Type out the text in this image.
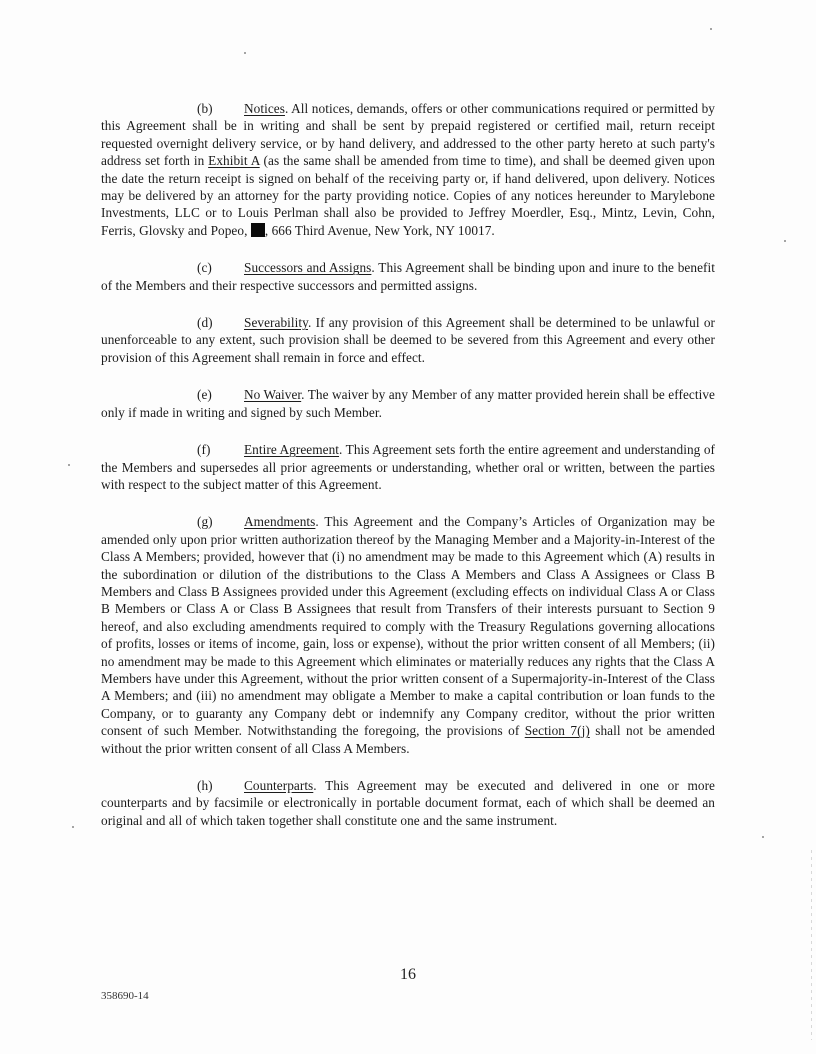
(b) Notices. All notices, demands, offers or other communications required or permitted by this Agreement shall be in writing and shall be sent by prepaid registered or certified mail, return receipt requested overnight delivery service, or by hand delivery, and addressed to the other party hereto at such party's address set forth in Exhibit A (as the same shall be amended from time to time), and shall be deemed given upon the date the return receipt is signed on behalf of the receiving party or, if hand delivered, upon delivery. Notices may be delivered by an attorney for the party providing notice. Copies of any notices hereunder to Marylebone Investments, LLC or to Louis Perlman shall also be provided to Jeffrey Moerdler, Esq., Mintz, Levin, Cohn, Ferris, Glovsky and Popeo, , 666 Third Avenue, New York, NY 10017.

(c) Successors and Assigns. This Agreement shall be binding upon and inure to the benefit of the Members and their respective successors and permitted assigns.

(d) Severability. If any provision of this Agreement shall be determined to be unlawful or unenforceable to any extent, such provision shall be deemed to be severed from this Agreement and every other provision of this Agreement shall remain in force and effect.

(e) No Waiver. The waiver by any Member of any matter provided herein shall be effective only if made in writing and signed by such Member.

(f)	Entire Agreement. This Agreement sets forth the entire agreement and understanding of the Members and supersedes all prior agreements or understanding, whether oral or written, between the parties with respect to the subject matter of this Agreement.

(g) Amendments. This Agreement and the Company’s Articles of Organization may be amended only upon prior written authorization thereof by the Managing Member and a Majority-in-Interest of the Class A Members; provided, however that (i) no amendment may be made to this Agreement which (A) results in the subordination or dilution of the distributions to the Class A Members and Class A Assignees or Class B Members and Class B Assignees provided under this Agreement (excluding effects on individual Class A or Class B Members or Class A or Class B Assignees that result from Transfers of their interests pursuant to Section 9 hereof, and also excluding amendments required to comply with the Treasury Regulations governing allocations of profits, losses or items of income, gain, loss or expense), without the prior written consent of all Members; (ii) no amendment may be made to this Agreement which eliminates or materially reduces any rights that the Class A Members have under this Agreement, without the prior written consent of a Supermajority-in-Interest of the Class A Members; and (iii) no amendment may obligate a Member to make a capital contribution or loan funds to the Company, or to guaranty any Company debt or indemnify any Company creditor, without the prior written consent of such Member. Notwithstanding the foregoing, the provisions of Section 7(j) shall not be amended without the prior written consent of all Class A Members.

(h) Counterparts. This Agreement may be executed and delivered in one or more counterparts and by facsimile or electronically in portable document format, each of which shall be deemed an original and all of which taken together shall constitute one and the same instrument.

16
358690-14
